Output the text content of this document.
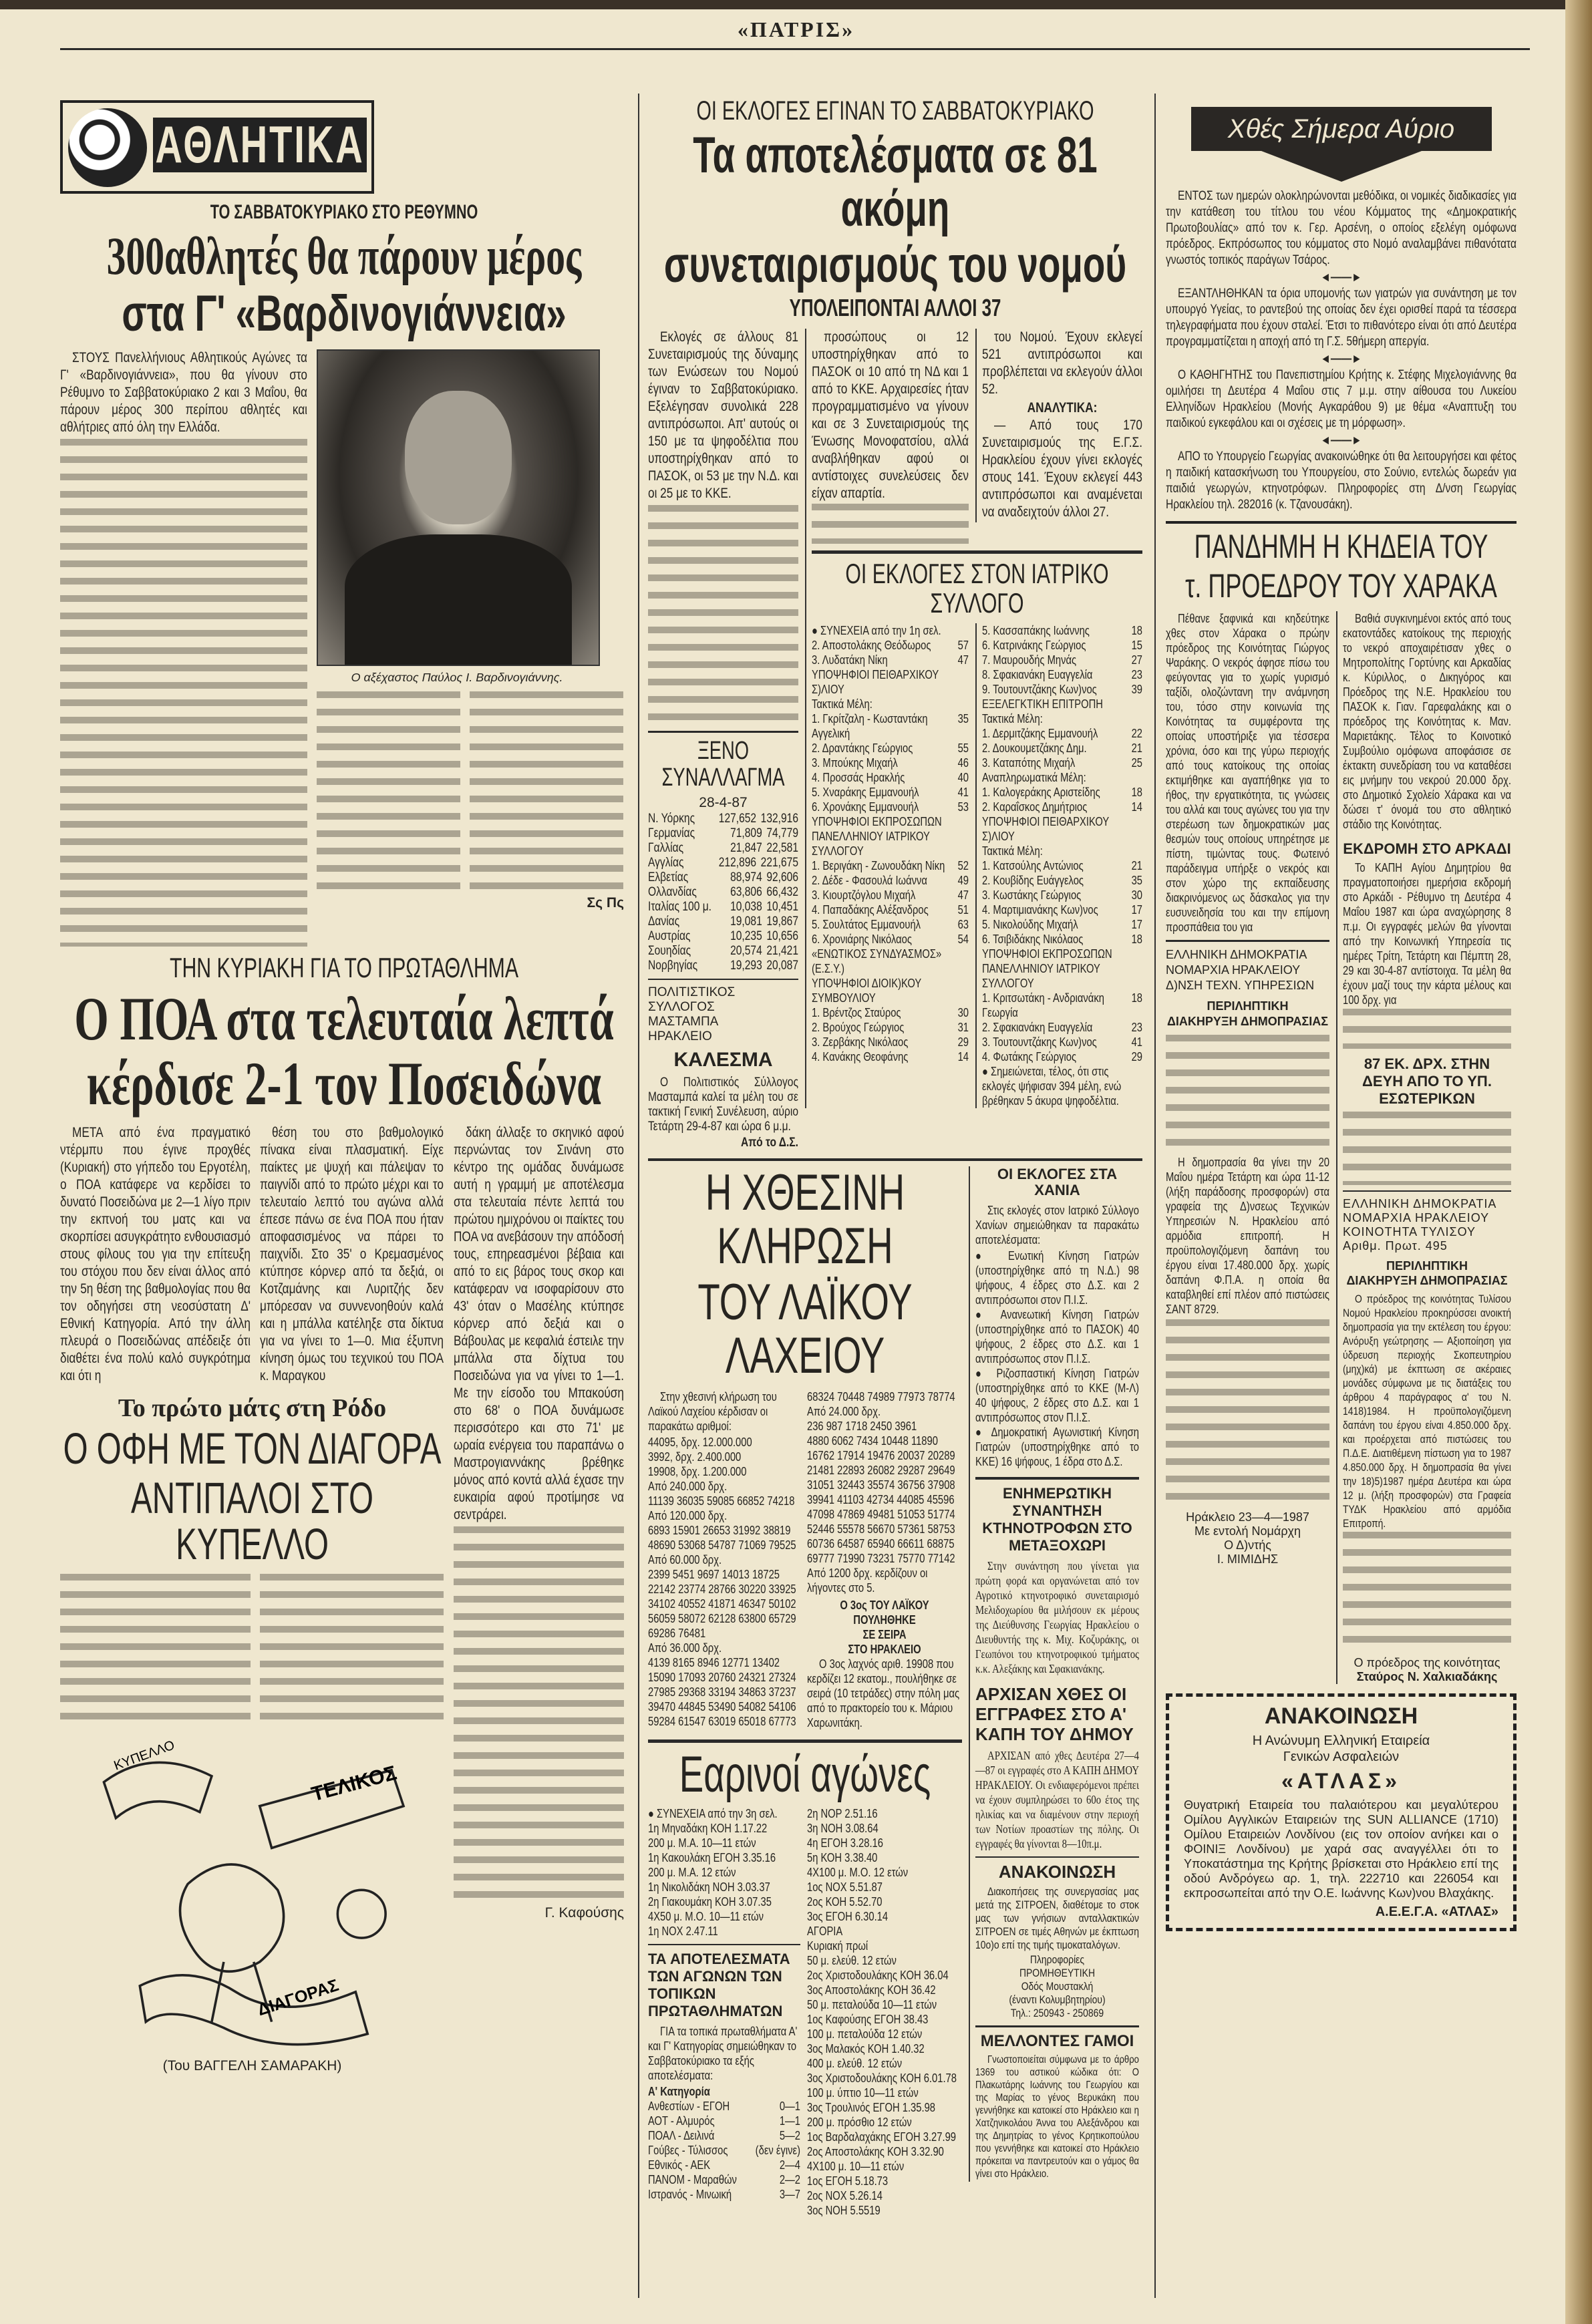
«ΠΑΤΡΙΣ»
ΑΘΛΗΤΙΚΑ
ΤΟ ΣΑΒΒΑΤΟΚΥΡΙΑΚΟ ΣΤΟ ΡΕΘΥΜΝΟ
300αθλητές θα πάρουν μέρος
στα Γ' «Βαρδινογιάννεια»

ΣΤΟΥΣ Πανελλήνιους Αθλητικούς Αγώνες τα Γ' «Βαρδινογιάννεια», που θα γίνουν στο Ρέθυμνο το Σαββατοκύριακο 2 και 3 Μαΐου, θα πάρουν μέρος 300 περίπου αθλητές και αθλήτριες από όλη την Ελλάδα.

Ο αξέχαστος Παύλος Ι. Βαρδινογιάννης.
Σς Πς
ΤΗΝ ΚΥΡΙΑΚΗ ΓΙΑ ΤΟ ΠΡΩΤΑΘΛΗΜΑ
Ο ΠΟΑ στα τελευταία λεπτά
κέρδισε 2-1 τον Ποσειδώνα

ΜΕΤΑ από ένα πραγματικό ντέρμπυ που έγινε προχθές (Κυριακή) στο γήπεδο του Εργοτέλη, ο ΠΟΑ κατάφερε να κερδίσει το δυνατό Ποσειδώνα με 2—1 λίγο πριν την εκπνοή του ματς και να σκορπίσει ασυγκράτητο ενθουσιασμό στους φίλους του για την επίτευξη του στόχου που δεν είναι άλλος από την 5η θέση της βαθμολογίας που θα τον οδηγήσει στη νεοσύστατη Δ' Εθνική Κατηγορία. Από την άλλη πλευρά ο Ποσειδώνας απέδειξε ότι διαθέτει ένα πολύ καλό συγκρότημα και ότι η

θέση του στο βαθμολογικό πίνακα είναι πλασματική. Είχε παίκτες με ψυχή και πάλεψαν το παιγνίδι από το πρώτο μέχρι και το τελευταίο λεπτό του αγώνα αλλά έπεσε πάνω σε ένα ΠΟΑ που ήταν αποφασισμένος να πάρει το παιχνίδι. Στο 35' ο Κρεμασμένος κτύπησε κόρνερ από τα δεξιά, οι Κοτζαμάνης και Λυριτζής δεν μπόρεσαν να συννενοηθούν καλά και η μπάλλα κατέληξε στα δίκτυα για να γίνει το 1—0. Μια έξυπνη κίνηση όμως του τεχνικού του ΠΟΑ κ. Μαραγκου

Το πρώτο μάτς στη Ρόδο
Ο ΟΦΗ ΜΕ ΤΟΝ ΔΙΑΓΟΡΑ
ΑΝΤΙΠΑΛΟΙ ΣΤΟ ΚΥΠΕΛΛΟ
ΤΕΛΙΚΟΣ
ΔΙΑΓΟΡΑΣ
ΚΥΠΕΛΛΟ
(Του ΒΑΓΓΕΛΗ ΣΑΜΑΡΑΚΗ)

δάκη άλλαξε το σκηνικό αφού περνώντας τον Σινάνη στο κέντρο της ομάδας δυνάμωσε αυτή η γραμμή με αποτέλεσμα στα τελευταία πέντε λεπτά του πρώτου ημιχρόνου οι παίκτες του ΠΟΑ να ανεβάσουν την απόδοσή τους, επηρεασμένοι βέβαια και από το εις βάρος τους σκορ και κατάφεραν να ισοφαρίσουν στο 43' όταν ο Μασέλης κτύπησε κόρνερ από δεξιά και ο Βάβουλας με κεφαλιά έστειλε την μπάλλα στα δίχτυα του Ποσειδώνα για να γίνει το 1—1. Με την είσοδο του Μπακούση στο 68' ο ΠΟΑ δυνάμωσε περισσότερο και στο 71' με ωραία ενέργεια του παραπάνω ο Μαστρογιαννάκης βρέθηκε μόνος από κοντά αλλά έχασε την ευκαιρία αφού προτίμησε να σεντράρει.

Γ. Καφούσης
ΟΙ ΕΚΛΟΓΕΣ ΕΓΙΝΑΝ ΤΟ ΣΑΒΒΑΤΟΚΥΡΙΑΚΟ
Τα αποτελέσματα σε 81 ακόμη
συνεταιρισμούς του νομού
ΥΠΟΛΕΙΠΟΝΤΑΙ ΑΛΛΟΙ 37

Εκλογές σε άλλους 81 Συνεταιρισμούς της δύναμης των Ενώσεων του Νομού έγιναν το Σαββατοκύριακο. Εξελέγησαν συνολικά 228 αντιπρόσωποι. Απ' αυτούς οι 150 με τα ψηφοδέλτια που υποστηρίχθηκαν από το ΠΑΣΟΚ, οι 53 με την Ν.Δ. και οι 25 με το ΚΚΕ.

ΞΕΝΟ ΣΥΝΑΛΛΑΓΜΑ
28-4-87
Ν. Υόρκης	127,652 132,916
Γερμανίας	71,809 74,779
Γαλλίας	21,847 22,581
Αγγλίας	212,896 221,675
Ελβετίας	88,974 92,606
Ολλανδίας	63,806 66,432
Ιταλίας 100 μ.	10,038 10,451
Δανίας	19,081 19,867
Αυστρίας	10,235 10,656
Σουηδίας	20,574 21,421
Νορβηγίας	19,293 20,087
ΠΟΛΙΤΙΣΤΙΚΟΣ ΣΥΛΛΟΓΟΣ
ΜΑΣΤΑΜΠΑ
ΗΡΑΚΛΕΙΟ
ΚΑΛΕΣΜΑ

Ο Πολιτιστικός Σύλλογος Μασταμπά καλεί τα μέλη του σε τακτική Γενική Συνέλευση, αύριο Τετάρτη 29-4-87 και ώρα 6 μ.μ.

Από το Δ.Σ.

προσώπους οι 12 υποστηρίχθηκαν από το ΠΑΣΟΚ οι 10 από τη ΝΔ και 1 από το ΚΚΕ. Αρχαιρεσίες ήταν προγραμματισμένο να γίνουν και σε 3 Συνεταιρισμούς της Ένωσης Μονοφατσίου, αλλά αναβλήθηκαν αφού οι αντίστοιχες συνελεύσεις δεν είχαν απαρτία.

του Νομού. Έχουν εκλεγεί 521 αντιπρόσωποι και προβλέπεται να εκλεγούν άλλοι 52.

ΑΝΑΛΥΤΙΚΑ:

— Από τους 170 Συνεταιρισμούς της Ε.Γ.Σ. Ηρακλείου έχουν γίνει εκλογές στους 141. Έχουν εκλεγεί 443 αντιπρόσωποι και αναμένεται να αναδειχτούν άλλοι 27.

ΟΙ ΕΚΛΟΓΕΣ ΣΤΟΝ ΙΑΤΡΙΚΟ ΣΥΛΛΟΓΟ
● ΣΥΝΕΧΕΙΑ από την 1η σελ.
2. Αποστολάκης Θεόδωρος	57
3. Λυδατάκη Νίκη	47
ΥΠΟΨΗΦΙΟΙ ΠΕΙΘΑΡΧΙΚΟΥ Σ)ΛΙΟΥ
Τακτικά Μέλη:
1. Γκρίτζαλη - Κωσταντάκη Αγγελική
35
2. Δραντάκης Γεώργιος	55
3. Μπούκης Μιχαήλ	46
4. Προσσάς Ηρακλής	40
5. Χναράκης Εμμανουήλ	41
6. Χρονάκης Εμμανουήλ	53
ΥΠΟΨΗΦΙΟΙ ΕΚΠΡΟΣΩΠΩΝ
ΠΑΝΕΛΛΗΝΙΟΥ ΙΑΤΡΙΚΟΥ ΣΥΛΛΟΓΟΥ
1. Βεριγάκη - Ζωνουδάκη Νίκη	52
2. Δέδε - Φασουλά Ιωάννα	49
3. Κιουρτζόγλου Μιχαήλ	47
4. Παπαδάκης Αλέξανδρος	51
5. Σουλτάτος Εμμανουήλ	63
6. Χρονιάρης Νικόλαος	54
«ΕΝΩΤΙΚΟΣ ΣΥΝΔΥΑΣΜΟΣ» (Ε.Σ.Υ.)
ΥΠΟΨΗΦΙΟΙ ΔΙΟΙΚ)ΚΟΥ ΣΥΜΒΟΥΛΙΟΥ
1. Βρέντζος Σταύρος	30
2. Βρούχος Γεώργιος	31
3. Ζερβάκης Νικόλαος	29
4. Κανάκης Θεοφάνης	14
5. Κασσαπάκης Ιωάννης	18
6. Κατρινάκης Γεώργιος	15
7. Μαυρουδής Μηνάς	27
8. Σφακιανάκη Ευαγγελία	23
9. Τουτουντζάκης Κων)νος	39
ΕΞΕΛΕΓΚΤΙΚΗ ΕΠΙΤΡΟΠΗ
Τακτικά Μέλη:
1. Δερμιτζάκης Εμμανουήλ	22
2. Δουκουμετζάκης Δημ.	21
3. Καταπότης Μιχαήλ	25
Αναπληρωματικά Μέλη:
1. Καλογεράκης Αριστείδης	18
2. Καραΐσκος Δημήτριος	14
ΥΠΟΨΗΦΙΟΙ ΠΕΙΘΑΡΧΙΚΟΥ Σ)ΛΙΟΥ
Τακτικά Μέλη:
1. Κατσούλης Αντώνιος	21
2. Κουβίδης Ευάγγελος	35
3. Κωστάκης Γεώργιος	30
4. Μαρτιμιανάκης Κων)νος	17
5. Νικολούδης Μιχαήλ	17
6. Τσιβιδάκης Νικόλαος	18
ΥΠΟΨΗΦΙΟΙ ΕΚΠΡΟΣΩΠΩΝ ΠΑΝΕΛΛΗΝΙΟΥ ΙΑΤΡΙΚΟΥ ΣΥΛΛΟΓΟΥ
1. Κριτσωτάκη - Ανδριανάκη Γεωργία
18
2. Σφακιανάκη Ευαγγελία	23
3. Τουτουντζάκης Κων)νος	41
4. Φωτάκης Γεώργιος	29
● Σημειώνεται, τέλος, ότι στις εκλογές ψήφισαν 394 μέλη, ενώ βρέθηκαν 5 άκυρα ψηφοδέλτια.
Η ΧΘΕΣΙΝΗ ΚΛΗΡΩΣΗ
ΤΟΥ ΛΑΪΚΟΥ ΛΑΧΕΙΟΥ

Στην χθεσινή κλήρωση του Λαϊκού Λαχείου κέρδισαν οι παρακάτω αριθμοί:

44095, δρχ. 12.000.000
3992, δρχ. 2.400.000
19908, δρχ. 1.200.000
Από 240.000 δρχ.
11139 36035 59085 66852 74218
Από 120.000 δρχ.
6893 15901 26653 31992 38819
48690 53068 54787 71069 79525
Από 60.000 δρχ.
2399 5451 9697 14013 18725
22142 23774 28766 30220 33925
34102 40552 41871 46347 50102
56059 58072 62128 63800 65729
69286 76481
Από 36.000 δρχ.
4139 8165 8946 12771 13402
15090 17093 20760 24321 27324
27985 29368 33194 34863 37237
39470 44845 53490 54082 54106
59284 61547 63019 65018 67773
68324 70448 74989 77973 78774
Από 24.000 δρχ.
236 987 1718 2450 3961
4880 6062 7434 10448 11890
16762 17914 19476 20037 20289
21481 22893 26082 29287 29649
31051 32443 35574 36756 37908
39941 41103 42734 44085 45596
47098 47869 49481 51053 51774
52446 55578 56670 57361 58753
60736 64587 65940 66611 68875
69777 71990 73231 75770 77142
Από 1200 δρχ. κερδίζουν οι λήγοντες στο 5.
Ο 3ος ΤΟΥ ΛΑΪΚΟΥ
ΠΟΥΛΗΘΗΚΕ
ΣΕ ΣΕΙΡΑ
ΣΤΟ ΗΡΑΚΛΕΙΟ

Ο 3ος λαχνός αριθ. 19908 που κερδίζει 12 εκατομ., πουλήθηκε σε σειρά (10 τετράδες) στην πόλη μας από το πρακτορείο του κ. Μάριου Χαρωνιτάκη.

Εαρινοί αγώνες
● ΣΥΝΕΧΕΙΑ από την 3η σελ.
1η Μηναδάκη ΚΟΗ 1.17.22
200 μ. Μ.Α. 10—11 ετών
1η Κακουλάκη ΕΓΟΗ 3.35.16
200 μ. Μ.Α. 12 ετών
1η Νικολιδάκη ΝΟΗ 3.03.37
2η Γιακουμάκη ΚΟΗ 3.07.35
4Χ50 μ. Μ.Ο. 10—11 ετών
1η ΝΟΧ 2.47.11
ΤΑ ΑΠΟΤΕΛΕΣΜΑΤΑ ΤΩΝ ΑΓΩΝΩΝ ΤΩΝ ΤΟΠΙΚΩΝ ΠΡΩΤΑΘΛΗΜΑΤΩΝ

ΓΙΑ τα τοπικά πρωταθλήματα Α' και Γ' Κατηγορίας σημειώθηκαν το Σαββατοκύριακο τα εξής αποτελέσματα:

Α' Κατηγορία
Ανθεστίων - ΕΓΟΗ	0—1
ΑΟΤ - Αλμυρός	1—1
ΠΟΑΛ - Δειλινά	5—2
Γούβες - Τύλισσος	(δεν έγινε)
Εθνικός - ΑΕΚ	2—4
ΠΑΝΟΜ - Μαραθών	2—2
Ιστρανός - Μινωική	3—7
2η ΝΟΡ 2.51.16
3η ΝΟΗ 3.08.64
4η ΕΓΟΗ 3.28.16
5η ΚΟΗ 3.38.40
4Χ100 μ. Μ.Ο. 12 ετών
1ος ΝΟΧ 5.51.87
2ος ΚΟΗ 5.52.70
3ος ΕΓΟΗ 6.30.14
ΑΓΟΡΙΑ
Κυριακή πρωί
50 μ. ελεύθ. 12 ετών
2ος Χριστοδουλάκης ΚΟΗ 36.04
3ος Αποστολάκης ΚΟΗ 36.42
50 μ. πεταλούδα 10—11 ετών
1ος Καφούσης ΕΓΟΗ 38.43
100 μ. πεταλούδα 12 ετών
3ος Μαλακός ΚΟΗ 1.40.32
400 μ. ελεύθ. 12 ετών
3ος Χριστοδουλάκης ΚΟΗ 6.01.78
100 μ. ύπτιο 10—11 ετών
3ος Τρουλινός ΕΓΟΗ 1.35.98
200 μ. πρόσθιο 12 ετών
1ος Βαρδαλαχάκης ΕΓΟΗ 3.27.99
2ος Αποστολάκης ΚΟΗ 3.32.90
4Χ100 μ. 10—11 ετών
1ος ΕΓΟΗ 5.18.73
2ος ΝΟΧ 5.26.14
3ος ΝΟΗ 5.5519
ΟΙ ΕΚΛΟΓΕΣ ΣΤΑ ΧΑΝΙΑ

Στις εκλογές στον Ιατρικό Σύλλογο Χανίων σημειώθηκαν τα παρακάτω αποτελέσματα:

● Ενωτική Κίνηση Γιατρών (υποστηρίχθηκε από τη Ν.Δ.) 98 ψήφους, 4 έδρες στο Δ.Σ. και 2 αντιπρόσωποι στον Π.Ι.Σ.
● Ανανεωτική Κίνηση Γιατρών (υποστηρίχθηκε από το ΠΑΣΟΚ) 40 ψήφους, 2 έδρες στο Δ.Σ. και 1 αντιπρόσωπος στον Π.Ι.Σ.
● Ριζοσπαστική Κίνηση Γιατρών (υποστηρίχθηκε από το ΚΚΕ (Μ-Λ) 40 ψήφους, 2 έδρες στο Δ.Σ. και 1 αντιπρόσωπος στον Π.Ι.Σ.
● Δημοκρατική Αγωνιστική Κίνηση Γιατρών (υποστηρίχθηκε από το ΚΚΕ) 16 ψήφους, 1 έδρα στο Δ.Σ.
ΕΝΗΜΕΡΩΤΙΚΗ ΣΥΝΑΝΤΗΣΗ ΚΤΗΝΟΤΡΟΦΩΝ ΣΤΟ ΜΕΤΑΞΟΧΩΡΙ

Στην συνάντηση που γίνεται για πρώτη φορά και οργανώνεται από τον Αγροτικό κτηνοτροφικό συνεταιρισμό Μελιδοχωρίου θα μιλήσουν εκ μέρους της Διεύθυνσης Γεωργίας Ηρακλείου ο Διευθυντής της κ. Μιχ. Κοζυράκης, οι Γεωπόνοι του κτηνοτροφικού τμήματος κ.κ. Αλεξάκης και Σφακιανάκης.

ΑΡΧΙΣΑΝ ΧΘΕΣ ΟΙ ΕΓΓΡΑΦΕΣ ΣΤΟ Α' ΚΑΠΗ ΤΟΥ ΔΗΜΟΥ

ΑΡΧΙΣΑΝ από χθες Δευτέρα 27—4—87 οι εγγραφές στο Α ΚΑΠΗ ΔΗΜΟΥ ΗΡΑΚΛΕΙΟΥ. Οι ενδιαφερόμενοι πρέπει να έχουν συμπληρώσει το 60ο έτος της ηλικίας και να διαμένουν στην περιοχή των Νοτίων προαστίων της πόλης. Οι εγγραφές θα γίνονται 8—10π.μ.

ΑΝΑΚΟΙΝΩΣΗ

Διακοπήσεις της συνεργασίας μας μετά της ΣΙΤΡΟΕΝ, διαθέτομε το στοκ μας των γνήσιων ανταλλακτικών ΣΙΤΡΟΕΝ σε τιμές Αθηνών με έκπτωση 10ο)ο επί της τιμής τιμοκαταλόγων.

Πληροφορίες
ΠΡΟΜΗΘΕΥΤΙΚΗ
Οδός Μουστακλή
(έναντι Κολυμβητηρίου)
Τηλ.: 250943 - 250869
ΜΕΛΛΟΝΤΕΣ ΓΑΜΟΙ

Γνωστοποιείται σύμφωνα με το άρθρο 1369 του αστικού κώδικα ότι: Ο Πλακωτάρης Ιωάννης του Γεωργίου και της Μαρίας το γένος Βερυκάκη που γεννήθηκε και κατοικεί στο Ηράκλειο και η Χατζηνικολάου Άννα του Αλεξάνδρου και της Δημητρίας το γένος Κρητικοπούλου που γεννήθηκε και κατοικεί στο Ηράκλειο πρόκειται να παντρευτούν και ο γάμος θα γίνει στο Ηράκλειο.

Χθές Σήμερα Αύριο

ΕΝΤΟΣ των ημερών ολοκληρώνονται μεθόδικα, οι νομικές διαδικασίες για την κατάθεση του τίτλου του νέου Κόμματος της «Δημοκρατικής Πρωτοβουλίας» από τον κ. Γερ. Αρσένη, ο οποίος εξελέγη ομόφωνα πρόεδρος. Εκπρόσωπος του κόμματος στο Νομό αναλαμβάνει πιθανότατα γνωστός τοπικός παράγων Τσάρος.

◄——►

ΕΞΑΝΤΛΗΘΗΚΑΝ τα όρια υπομονής των γιατρών για συνάντηση με τον υπουργό Υγείας, το ραντεβού της οποίας δεν έχει ορισθεί παρά τα τέσσερα τηλεγραφήματα που έχουν σταλεί. Έτσι το πιθανότερο είναι ότι από Δευτέρα προγραμματίζεται η αποχή από τη Γ.Σ. 5θήμερη απεργία.

◄——►

Ο ΚΑΘΗΓΗΤΗΣ του Πανεπιστημίου Κρήτης κ. Στέφης Μιχελογιάννης θα ομιλήσει τη Δευτέρα 4 Μαΐου στις 7 μ.μ. στην αίθουσα του Λυκείου Ελληνίδων Ηρακλείου (Μονής Αγκαράθου 9) με θέμα «Αναπτυξη του παιδικού εγκεφάλου και οι σχέσεις με τη μόρφωση».

◄——►

ΑΠΟ το Υπουργείο Γεωργίας ανακοινώθηκε ότι θα λειτουργήσει και φέτος η παιδική κατασκήνωση του Υπουργείου, στο Σούνιο, εντελώς δωρεάν για παιδιά γεωργών, κτηνοτρόφων. Πληροφορίες στη Δ/νση Γεωργίας Ηρακλείου τηλ. 282016 (κ. Τζανουσάκη).

ΠΑΝΔΗΜΗ Η ΚΗΔΕΙΑ ΤΟΥ
τ. ΠΡΟΕΔΡΟΥ ΤΟΥ ΧΑΡΑΚΑ

Πέθανε ξαφνικά και κηδεύτηκε χθες στον Χάρακα ο πρώην πρόεδρος της Κοινότητας Γιώργος Ψαράκης. Ο νεκρός άφησε πίσω του φεύγοντας για το χωρίς γυρισμό ταξίδι, ολοζώντανη την ανάμνηση του, τόσο στην κοινωνία της Κοινότητας τα συμφέροντα της οποίας υποστήριξε για τέσσερα χρόνια, όσο και της γύρω περιοχής από τους κατοίκους της οποίας εκτιμήθηκε και αγαπήθηκε για το ήθος, την εργατικότητα, τις γνώσεις του αλλά και τους αγώνες του για την στερέωση των δημοκρατικών μας θεσμών τους οποίους υπηρέτησε με πίστη, τιμώντας τους. Φωτεινό παράδειγμα υπήρξε ο νεκρός και στον χώρο της εκπαίδευσης διακρινόμενος ως δάσκαλος για την ευσυνειδησία του και την επίμονη προσπάθεια του για

ΕΛΛΗΝΙΚΗ ΔΗΜΟΚΡΑΤΙΑ
ΝΟΜΑΡΧΙΑ ΗΡΑΚΛΕΙΟΥ
Δ)ΝΣΗ ΤΕΧΝ. ΥΠΗΡΕΣΙΩΝ
ΠΕΡΙΛΗΠΤΙΚΗ
ΔΙΑΚΗΡΥΞΗ ΔΗΜΟΠΡΑΣΙΑΣ

Η δημοπρασία θα γίνει την 20 Μαΐου ημέρα Τετάρτη και ώρα 11-12 (λήξη παράδοσης προσφορών) στα γραφεία της Δ)νσεως Τεχνικών Υπηρεσιών Ν. Ηρακλείου από αρμόδια επιτροπή. Η προϋπολογιζόμενη δαπάνη του έργου είναι 17.480.000 δρχ. χωρίς δαπάνη Φ.Π.Α. η οποία θα καταβληθεί επί πλέον από πιστώσεις ΣΑΝΤ 8729.

Ηράκλειο 23—4—1987
Με εντολή Νομάρχη
Ο Δ)ντής
Ι. ΜΙΜΙΔΗΣ

Βαθιά συγκινημένοι εκτός από τους εκατοντάδες κατοίκους της περιοχής το νεκρό αποχαιρέτισαν χθες ο Μητροπολίτης Γορτύνης και Αρκαδίας κ. Κύριλλος, ο Δικηγόρος και Πρόεδρος της Ν.Ε. Ηρακλείου του ΠΑΣΟΚ κ. Γιαν. Γαρεφαλάκης και ο πρόεδρος της Κοινότητας κ. Μαν. Μαριετάκης. Τέλος το Κοινοτικό Συμβούλιο ομόφωνα αποφάσισε σε έκτακτη συνεδρίαση του να καταθέσει εις μνήμην του νεκρού 20.000 δρχ. στο Δημοτικό Σχολείο Χάρακα και να δώσει τ' όνομά του στο αθλητικό στάδιο της Κοινότητας.

ΕΚΔΡΟΜΗ ΣΤΟ ΑΡΚΑΔΙ

Το ΚΑΠΗ Αγίου Δημητρίου θα πραγματοποιήσει ημερήσια εκδρομή στο Αρκάδι - Ρέθυμνο τη Δευτέρα 4 Μαΐου 1987 και ώρα αναχώρησης 8 π.μ. Οι εγγραφές μελών θα γίνονται από την Κοινωνική Υπηρεσία τις ημέρες Τρίτη, Τετάρτη και Πέμπτη 28, 29 και 30-4-87 αντίστοιχα. Τα μέλη θα έχουν μαζί τους την κάρτα μέλους και 100 δρχ. για

87 ΕΚ. ΔΡΧ. ΣΤΗΝ ΔΕΥΗ ΑΠΟ ΤΟ ΥΠ. ΕΣΩΤΕΡΙΚΩΝ
ΕΛΛΗΝΙΚΗ ΔΗΜΟΚΡΑΤΙΑ
ΝΟΜΑΡΧΙΑ ΗΡΑΚΛΕΙΟΥ
ΚΟΙΝΟΤΗΤΑ ΤΥΛΙΣΟΥ
Αριθμ. Πρωτ. 495
ΠΕΡΙΛΗΠΤΙΚΗ
ΔΙΑΚΗΡΥΞΗ ΔΗΜΟΠΡΑΣΙΑΣ

Ο πρόεδρος της κοινότητας Τυλίσου Νομού Ηρακλείου προκηρύσσει ανοικτή δημοπρασία για την εκτέλεση του έργου: Ανόρυξη γεώτρησης — Αξιοποίηση για ύδρευση περιοχής Σκοπευτηρίου (μηχ)κά) με έκπτωση σε ακέραιες μονάδες σύμφωνα με τις διατάξεις του άρθρου 4 παράγραφος α' του Ν. 1418)1984. Η προϋπολογιζόμενη δαπάνη του έργου είναι 4.850.000 δρχ. και προέρχεται από πιστώσεις του Π.Δ.Ε. Διατιθέμενη πίστωση για το 1987 4.850.000 δρχ. Η δημοπρασία θα γίνει την 18)5)1987 ημέρα Δευτέρα και ώρα 12 μ. (λήξη προσφορών) στα Γραφεία ΤΥΔΚ Ηρακλείου από αρμόδια Επιτροπή.

Ο πρόεδρος της κοινότητας
Σταύρος Ν. Χαλκιαδάκης
ΑΝΑΚΟΙΝΩΣΗ
Η Ανώνυμη Ελληνική Εταιρεία
Γενικών Ασφαλειών
«ΑΤΛΑΣ»
Θυγατρική Εταιρεία του παλαιότερου και μεγαλύτερου Ομίλου Αγγλικών Εταιρειών της SUN ALLIANCE (1710) Ομίλου Εταιρειών Λονδίνου (εις τον οποίον ανήκει και ο ΦΟΙΝΙΞ Λονδίνου) με χαρά σας αναγγέλλει ότι το Υποκατάστημα της Κρήτης βρίσκεται στο Ηράκλειο επί της οδού Ανδρόγεω αρ. 1, τηλ. 222710 και 226054 και εκπροσωπείται από την Ο.Ε. Ιωάννης Κων)νου Βλαχάκης.
Α.Ε.Ε.Γ.Α. «ΑΤΛΑΣ»
